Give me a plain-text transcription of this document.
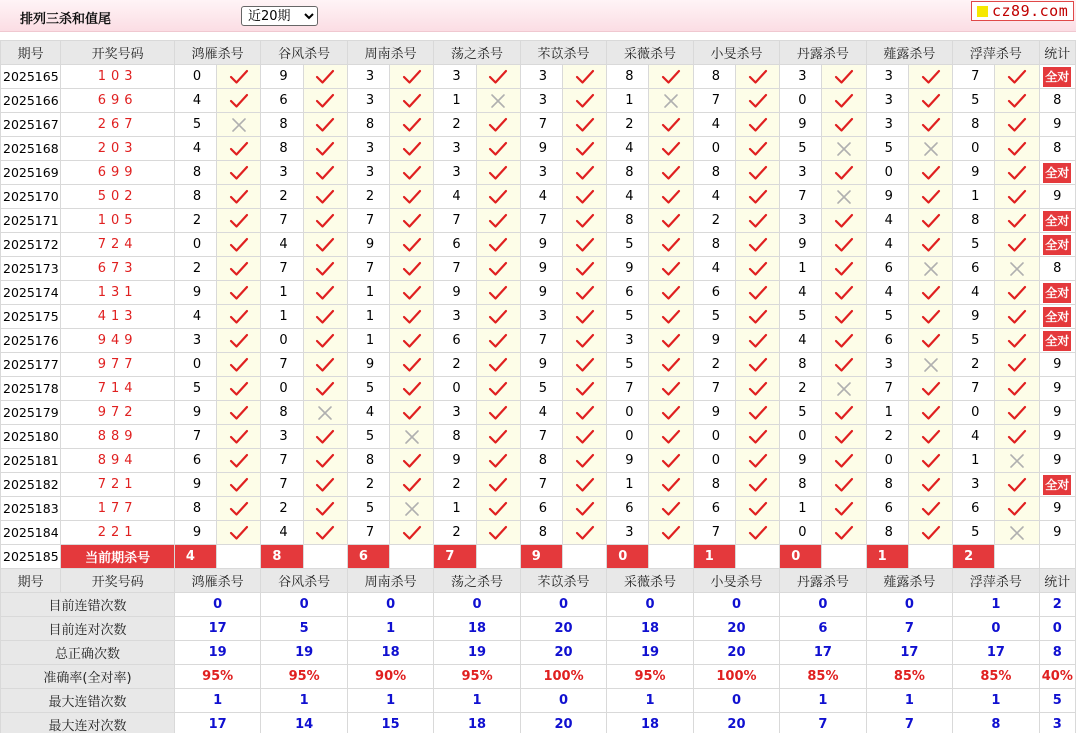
排列三杀和值尾
近20期	cz89.com
期号	开奖号码	鸿雁杀号		谷风杀号		周南杀号		荡之杀号		芣苡杀号		采薇杀号		小旻杀号		丹露杀号		薤露杀号		浮萍杀号		统计
2025165	103	0		9		3		3		3		8		8		3		3		7		全对
2025166	696	4		6		3		1		3		1		7		0		3		5		8
2025167	267	5		8		8		2		7		2		4		9		3		8		9
2025168	203	4		8		3		3		9		4		0		5		5		0		8
2025169	699	8		3		3		3		3		8		8		3		0		9		全对
2025170	502	8		2		2		4		4		4		4		7		9		1		9
2025171	105	2		7		7		7		7		8		2		3		4		8		全对
2025172	724	0		4		9		6		9		5		8		9		4		5		全对
2025173	673	2		7		7		7		9		9		4		1		6		6		8
2025174	131	9		1		1		9		9		6		6		4		4		4		全对
2025175	413	4		1		1		3		3		5		5		5		5		9		全对
2025176	949	3		0		1		6		7		3		9		4		6		5		全对
2025177	977	0		7		9		2		9		5		2		8		3		2		9
2025178	714	5		0		5		0		5		7		7		2		7		7		9
2025179	972	9		8		4		3		4		0		9		5		1		0		9
2025180	889	7		3		5		8		7		0		0		0		2		4		9
2025181	894	6		7		8		9		8		9		0		9		0		1		9
2025182	721	9		7		2		2		7		1		8		8		8		3		全对
2025183	177	8		2		5		1		6		6		6		1		6		6		9
2025184	221	9		4		7		2		8		3		7		0		8		5		9
2025185	当前期杀号	4		8		6		7		9		0		1		0		1		2		

期号	开奖号码	鸿雁杀号		谷风杀号		周南杀号		荡之杀号		芣苡杀号		采薇杀号		小旻杀号		丹露杀号		薤露杀号		浮萍杀号		统计
目前连错次数		0		0		0		0		0		0		0		0		0		1		2
目前连对次数		17		5		1		18		20		18		20		6		7		0		0
总正确次数		19		19		18		19		20		19		20		17		17		17		8
准确率(全对率)		95%		95%		90%		95%		100%		95%		100%		85%		85%		85%		40%
最大连错次数		1		1		1		1		0		1		0		1		1		1		5
最大连对次数		17		14		15		18		20		18		20		7		7		8		3
